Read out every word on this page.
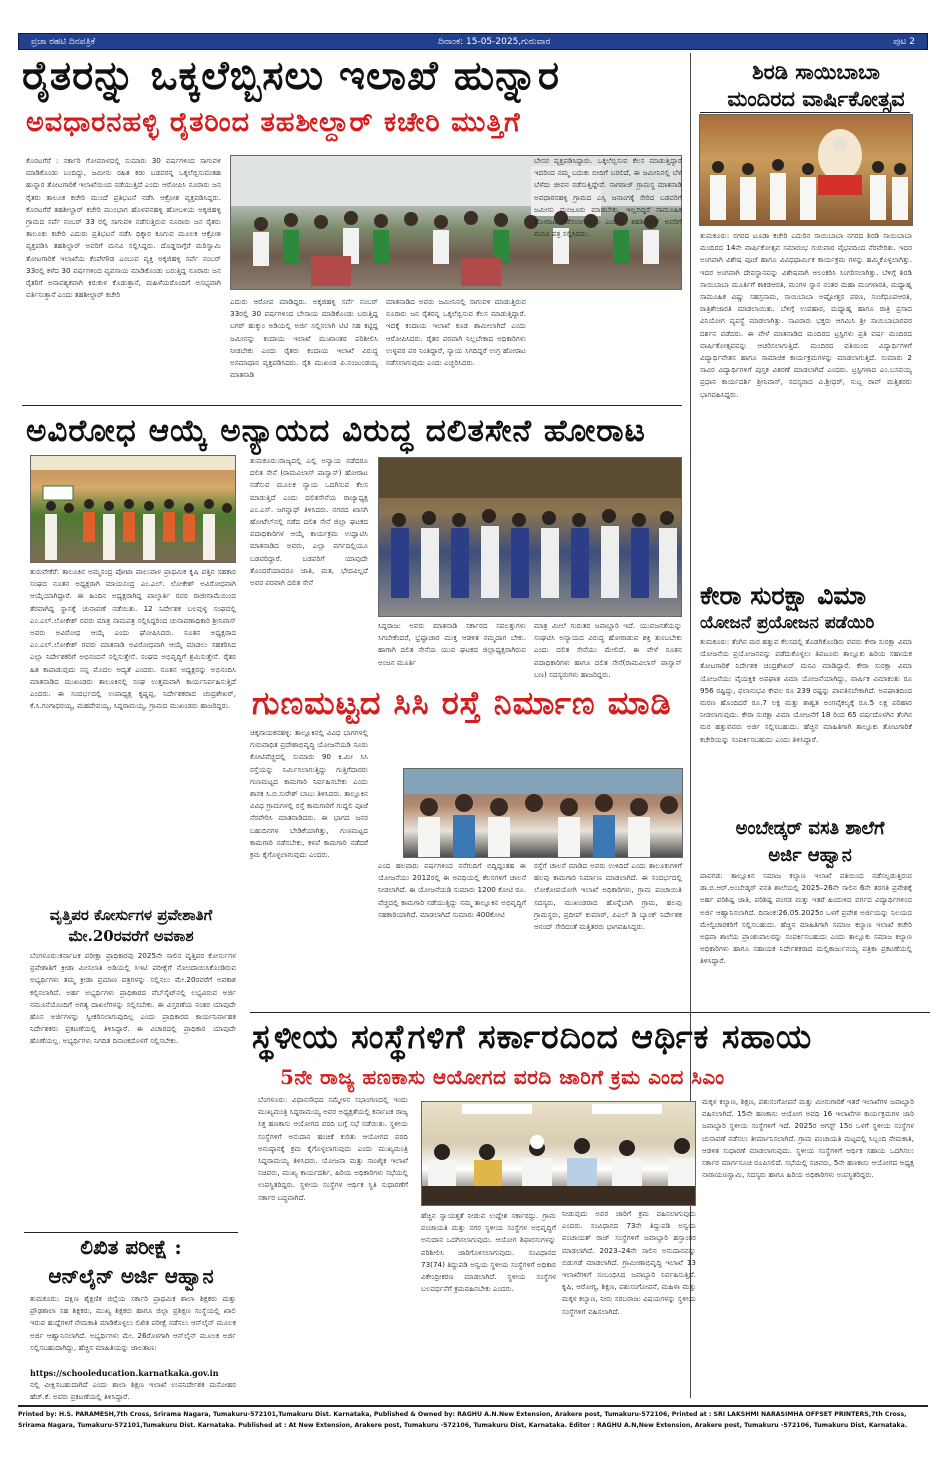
ಪ್ರಜಾ ರಹಟಿ ದಿನಪತ್ರಿಕೆ	ದಿನಾಂಕ: 15-05-2025,ಗುರುವಾರ	ಪುಟ 2
ರೈತರನ್ನು ಒಕ್ಕಲೆಬ್ಬಿಸಲು ಇಲಾಖೆ ಹುನ್ನಾರ
ಅವಧಾರನಹಳ್ಳಿ ರೈತರಿಂದ ತಹಶೀಲ್ದಾರ್ ಕಚೇರಿ ಮುತ್ತಿಗೆ
ಕೊರಟಗೆರೆ : ಸರ್ಕಾರಿ ಗೋಮಾಳದಲ್ಲಿ ಸುಮಾರು 30 ವರ್ಷಗಳಿಂದ ಸಾಗುವಳಿ ಮಾಡಿಕೊಂಡು ಬಂದಿದ್ದು, ಜಮೀನು ರಹಿತ ಕಡು ಬಡವರನ್ನ ಒಕ್ಕಲೆಬ್ಬಿಸುವಂತಹ ಹುನ್ನಾರ ತೋಟಗಾರಿಕೆ ಇಲಾಖೆಯಿಂದ ನಡೆಯುತ್ತಿದೆ ಎಂದು ಆರೋಪಿಸಿ ನೂರಾರು ಜನ ರೈತರು ತಾಲೂಕ ಕಚೇರಿ ಮುಂದೆ ಪ್ರತಿಭಟನೆ ನಡೆಸಿ ಆಕ್ರೋಶ ವ್ಯಕ್ತಪಡಿಸಿದ್ದರು. ಕೊರಟಗೆರೆ ತಹಶೀಲ್ದಾರ್ ಕಚೇರಿ ಮುಂಭಾಗ ಹೊಳವನಹಳ್ಳಿ ಹೋಬಳಿಯ ಅಕ್ಕಜಿಹಳ್ಳಿ ಗ್ರಾಮದ ಸರ್ವೆ ನಂಬರ್ 33 ರಲ್ಲಿ ಸಾಗುವಳಿ ನಡೆಸುತ್ತಿರುವ ನೂರಾರು ಜನ ರೈತರು ತಾಲೂಕು ಕಚೇರಿ ಎದುರು ಪ್ರತಿಭಟನೆ ನಡೆಸಿ ಧಿಕ್ಕಾರ ಕೂಗುವ ಮೂಲಕ ಆಕ್ರೋಶ ವ್ಯಕ್ತಪಡಿಸಿ ತಹಶಿಲ್ದಾರ್ ಅವರಿಗೆ ಮನವಿ ಸಲ್ಲಿಸಿದ್ದರು. ದೊಡ್ಡಸಾಗ್ಗೆರೆ ಮರಿಸ್ವಾಮಿ ತೋಟಗಾರಿಕೆ ಇಲಾಖೆಯ ಕೆಂಪೇಗೌಡ ಎಂಬುವ ವ್ಯಕ್ತಿ ಅಕ್ಕಜಿಹಳ್ಳಿ ಸರ್ವೆ ನಂಬರ್ 33ರಲ್ಲಿ ಕಳೆದ 30 ವರ್ಷಗಳಿಂದ ವ್ಯವಸಾಯ ಮಾಡಿಕೊಂಡು ಬರುತ್ತಿದ್ದ ನೂರಾರು ಜನ ರೈತರಿಗೆ ಅನಾವಶ್ಯಕವಾಗಿ ಕಿರುಕುಳ ಕೊಡುತ್ತಾನೆ, ಮಹಿಳೆಯರೊಂದಿಗೆ ಅಸಭ್ಯವಾಗಿ ವರ್ತಿಸುತ್ತಾನೆ ಎಂದು ತಹಶೀಲ್ದಾರ್ ಕಚೇರಿ
ಎದುರು ಆರೋಪ ಮಾಡಿದ್ದರು. ಅಕ್ಕಜಿಹಳ್ಳಿ ಸರ್ವೆ ನಂಬರ್ 33ರಲ್ಲಿ 30 ವರ್ಷಗಳಿಂದ ಬೇಸಾಯ ಮಾಡಿಕೊಂಡು ಬರುತ್ತಿದ್ದ ಬಗರ್ ಹುಕ್ಕುಂ ಅಡಿಯಲ್ಲಿ ಅರ್ಜಿ ಸಲ್ಲಿಸಲಾಗಿ ಟಿಟಿ ಸಹ ಕಟ್ಟಿದ್ದ ಜಮೀನನ್ನು ಕಂದಾಯ ಇಲಾಖೆ ಮುಖಾಂತರ ಪರಿಶೀಲಿಸಿ ನೀಡಬೇಕು ಎಂದು ರೈತರು ಕಂದಾಯ ಇಲಾಖೆ ವಿರುದ್ಧ ಅಸಮಾಧಾನ ವ್ಯಕ್ತಪಡಿಸಿದರು. ರೈತ ಮುಖಂಡ ಪಿ.ನಂಜುಂಡಯ್ಯ ಮಾತನಾಡಿ
ಮಾತನಾಡಿದ ಅವರು ಜಮೀನಿನಲ್ಲಿ ಸಾಗುವಳಿ ಮಾಡುತ್ತಿರುವ ನೂರಾರು ಜನ ರೈತರನ್ನ ಒಕ್ಕಲೆಬ್ಬಿಸುವ ಕೆಲಸ ಮಾಡುತ್ತಿದ್ದಾರೆ. ಇದಕ್ಕೆ ಕಂದಾಯ ಇಲಾಖೆ ಕೂಡ ಶಾಮೀಲಾಗಿದೆ ಎಂದು ಆರೋಪಿಸಿದರು. ರೈತರ ಪರವಾಗಿ ನಿಲ್ಲಬೇಕಾದ ಅಧಿಕಾರಿಗಳು ಉಳ್ಳವರ ಪರ ನಿಂತಿದ್ದಾರೆ, ನ್ಯಾಯ ಸಿಗದಿದ್ದರೆ ಉಗ್ರ ಹೋರಾಟ ನಡೆಸಲಾಗುವುದು ಎಂದು ಎಚ್ಚರಿಸಿದರು.
ಬೇಸರ ವ್ಯಕ್ತಪಡಿಸಿದ್ದಾರು. ಒಕ್ಕಲೆಬ್ಬಿಸುವ ಕೆಲಸ ಮಾಡುತ್ತಿದ್ದಾರೆ ಇದರಿಂದ ನಮ್ಮ ಬದುಕು ಬೀದಿಗೆ ಬರಲಿದೆ, ಈ ಜಮೀನಿನಲ್ಲಿ ಬೆಳೆ ಬೆಳೆದು ಜೀವನ ನಡೆಸುತ್ತಿದ್ದೇವೆ. ನಾಗರಾಜ್ ಗ್ರಾಮಸ್ಥ ಮಾತನಾಡಿ ಅವಧಾರನಹಳ್ಳಿ ಗ್ರಾಮದ ಎಸ್ಸಿ ಜನಾಂಗಕ್ಕೆ ಸೇರಿದ ಬಡವರಿಗೆ ಜಮೀನು ಮಂಜೂರು ಮಾಡಬೇಕು, ಇಲ್ಲದಿದ್ದರೆ ಸಾಮೂಹಿಕ ಹೋರಾಟ ನಡೆಸಲಾಗುವುದು ಎಂದರು. ತಹಶೀಲ್ದಾರ್ ಅವರಿಗೆ ಮನವಿ ಪತ್ರ ಸಲ್ಲಿಸಿದರು.
ಶಿರಡಿ ಸಾಯಿಬಾಬಾ
ಮಂದಿರದ ವಾರ್ಷಿಕೋತ್ಸವ
ತುಮಕೂರು: ನಗರದ ಟೂಡಾ ಕಚೇರಿ ಎದುರಿನ ಸಾಯಿಬಾಬಾ ನಗರದ ಶಿರಡಿ ಸಾಯಿಬಾಬಾ ಮಂದಿರದ 14ನೇ ವಾರ್ಷಿಕೋತ್ಸವ ಸಮಾರಂಭ ಗುರುವಾರ ವೈಭವದಿಂದ ನೆರವೇರಿತು. ಇದರ ಅಂಗವಾಗಿ ವಿಶೇಷ ಪೂಜೆ ಹಾಗೂ ವಿವಿಧಧಾರ್ಮಿಕ ಕಾರ್ಯಕ್ರಮ ಗಳನ್ನು ಹಮ್ಮಿಕೊಳ್ಳಲಾಗಿತ್ತು. ಇದರ ಅಂಗವಾಗಿ ದೇವಸ್ಥಾನವನ್ನು ವಿಶೇಷವಾಗಿ ಅಲಂಕರಿಸಿ ಸಿಂಗರಿಸಲಾಗಿತ್ತು. ಬೆಳಿಗ್ಗೆ ಶಿರಡಿ ಸಾಯಿಬಾಬಾ ಮೂರ್ತಿಗೆ ಕಾಕಡಆರತಿ, ಮಂಗಳ ಸ್ನಾನ ನಂತರ ಮಹಾ ಮಂಗಳಾರತಿ, ಮಧ್ಯಾಹ್ನ ಸಾಮೂಹಿಕ ವಿಷ್ಣು ಸಹಸ್ರನಾಮ, ಸಾಯಿಬಾಬಾ ಅಷ್ಟೋತ್ತರ ಪಠಣ, ಸಂಜೆಧೂಪಆರತಿ, ರಾತ್ರಿಶೇಜಾರತಿ ಮಾಡಲಾಯಿತು. ಬೆಳಿಗ್ಗೆ ಉಪಹಾರ, ಮಧ್ಯಾಹ್ನ ಹಾಗೂ ರಾತ್ರಿ ಪ್ರಸಾದ ವಿನಿಯೋಗ ವ್ಯವಸ್ಥೆ ಮಾಡಲಾಗಿತ್ತು. ಸಾವಿರಾರು ಭಕ್ತರು ಆಗಮಿಸಿ ಶ್ರೀ ಸಾಯಿಬಾಬಾರವರ ದರ್ಶನ ಪಡೆದರು. ಈ ವೇಳೆ ಮಾತನಾಡಿದ ಮಂದಿರದ ಟ್ರಸ್ಟಿಗಳು ಪ್ರತಿ ವರ್ಷ ಮಂದಿರದ ವಾರ್ಷಿಕೋತ್ಸವವನ್ನು ಆಚರಿಸಲಾಗುತ್ತಿದೆ. ಮಂದಿರದ ವತಿಯಿಂದ ವಿದ್ಯಾರ್ಥಿಗಳಿಗೆ ವಿದ್ಯಾರ್ಥಿವೇತನ ಹಾಗೂ ಸಾಮಾಜಿಕ ಕಾರ್ಯಕ್ರಮಗಳನ್ನು ಮಾಡಲಾಗುತ್ತಿದೆ. ಸುಮಾರು 2 ಸಾವಿರ ವಿದ್ಯಾರ್ಥಿಗಳಿಗೆ ಪುಸ್ತಕ ವಿತರಣೆ ಮಾಡಲಾಗಿದೆ ಎಂದರು. ಟ್ರಸ್ಟಿಗಳಾದ ಎಂ.ಬಸವಯ್ಯ ಪ್ರಧಾನ ಕಾರ್ಯದರ್ಶಿ ಶ್ರೀನಿವಾಸ್, ಸದಸ್ಯರಾದ ವಿ.ಶ್ರೀಧರ್, ಸುಬ್ಬ ರಾವ್ ಮತ್ತಿತರರು ಭಾಗವಹಿಸಿದ್ದರು.
ಕೇರಾ ಸುರಕ್ಷಾ ವಿಮಾ
ಯೋಜನೆ ಪ್ರಯೋಜನ ಪಡೆಯಿರಿ
ತುಮಕೂರು: ತೆಂಗಿನ ಮರ ಹತ್ತುವ ಕೆಲಸದಲ್ಲಿ ತೊಡಗಿಕೊಂಡಿರು ವವರು ಕೇರಾ ಸುರಕ್ಷಾ ವಿಮಾ ಯೋಜನೆಯ ಪ್ರಯೋಜನವನ್ನು ಪಡೆದುಕೊಳ್ಳಲು ತಿಪಟೂರು ತಾಲ್ಲೂಕು ಹಿರಿಯ ಸಹಾಯಕ ತೋಟಗಾರಿಕೆ ನಿರ್ದೇಶಕ ಚಂದ್ರಶೇಖರ್ ಮನವಿ ಮಾಡಿದ್ದಾರೆ. ಕೇರಾ ಸುರಕ್ಷಾ ವಿಮಾ ಯೋಜನೆಯು ವೈಯಕ್ತಿಕ ಅಪಘಾತ ವಿಮಾ ಯೋಜನೆಯಾಗಿದ್ದು, ವಾರ್ಷಿಕ ವಿಮಾಕಂತು ರೂ 956 ರಷ್ಟಿದ್ದು, ಫಲಾನುಭವಿ ಕೇವಲ ರೂ 239 ರಷ್ಟನ್ನು ಪಾವತಿಸಬೇಕಾಗಿದೆ. ಅಪಘಾತದಿಂದ ಮರಣ ಹೊಂದಿದರೆ ರೂ.7 ಲಕ್ಷ ಮತ್ತು ಶಾಶ್ವತ ಅಂಗವೈಕಲ್ಯಕ್ಕೆ ರೂ.5 ಲಕ್ಷ ಪರಿಹಾರ ನೀಡಲಾಗುವುದು. ಕೇರಾ ಸುರಕ್ಷಾ ವಿಮಾ ಯೋಜನೆಗೆ 18 ರಿಂದ 65 ವರ್ಷದೊಳಗಿನ ತೆಂಗಿನ ಮರ ಹತ್ತುವವರು ಅರ್ಜಿ ಸಲ್ಲಿಸಬಹುದು. ಹೆಚ್ಚಿನ ಮಾಹಿತಿಗಾಗಿ ತಾಲ್ಲೂಕು ತೋಟಗಾರಿಕೆ ಕಚೇರಿಯನ್ನು ಸಂಪರ್ಕಿಸಬಹುದು ಎಂದು ತಿಳಿಸಿದ್ದಾರೆ.
ಅಂಬೇಡ್ಕರ್ ವಸತಿ ಶಾಲೆಗೆ
ಅರ್ಜಿ ಆಹ್ವಾನ
ಪಾವಗಡ: ತಾಲ್ಲೂಕಿನ ಸಮಾಜ ಕಲ್ಯಾಣ ಇಲಾಖೆ ವತಿಯಿಂದ ನಡೆಸಲ್ಪಡುತ್ತಿರುವ ಡಾ.ಬಿ.ಆರ್.ಅಂಬೇಡ್ಕರ್ ವಸತಿ ಶಾಲೆಯಲ್ಲಿ 2025–26ನೇ ಸಾಲಿನ 6ನೇ ತರಗತಿ ಪ್ರವೇಶಕ್ಕೆ ಅರ್ಹ ಪರಿಶಿಷ್ಟ ಜಾತಿ, ಪರಿಶಿಷ್ಟ ಪಂಗಡ ಮತ್ತು ಇತರೆ ಹಿಂದುಳಿದ ವರ್ಗದ ವಿದ್ಯಾರ್ಥಿಗಳಿಂದ ಅರ್ಜಿ ಆಹ್ವಾನಿಸಲಾಗಿದೆ. ದಿನಾಂಕ:26.05.2025ರ ಒಳಗೆ ಪ್ರವೇಶ ಅರ್ಜಿಯನ್ನು ನಿಲಯದ ಮೇಲ್ವಿಚಾರಕರಿಗೆ ಸಲ್ಲಿಸಬಹುದು. ಹೆಚ್ಚಿನ ಮಾಹಿತಿಗಾಗಿ ಸಮಾಜ ಕಲ್ಯಾಣ ಇಲಾಖೆ ಕಚೇರಿ ಅಥವಾ ಶಾಲೆಯ ಪ್ರಾಂಶುಪಾಲರನ್ನು ಸಂಪರ್ಕಿಸಬಹುದು ಎಂದು ತಾಲ್ಲೂಕು ಸಮಾಜ ಕಲ್ಯಾಣ ಅಧಿಕಾರಿಗಳು ಹಾಗೂ ಸಹಾಯಕ ನಿರ್ದೇಶಕರಾದ ಮಲ್ಲಿಕಾರ್ಜುನಯ್ಯ ಪತ್ರಿಕಾ ಪ್ರಕಟಣೆಯಲ್ಲಿ ತಿಳಿಸಿದ್ದಾರೆ.
ಅವಿರೋಧ ಆಯ್ಕೆ ಅನ್ಯಾಯದ ವಿರುದ್ಧ ದಲಿತಸೇನೆ ಹೋರಾಟ
ತುರುವೇಕೆರೆ: ತಾಲೂಕಿನ ಅಮ್ಮಸಂದ್ರ ಪೋಟಾ ಪಾಲುವಾಳ ಪ್ರಾಥಮಿಕ ಕೃಷಿ ಪತ್ತಿನ ಸಹಕಾರ ಸಂಘದ ನೂತನ ಅಧ್ಯಕ್ಷರಾಗಿ ಮಾಯಸಂದ್ರ ಎಂ.ಎಲ್. ಲೋಕೇಶ್ ಅವಿರೋಧವಾಗಿ ಆಯ್ಕೆಯಾಗಿದ್ದಾರೆ. ಈ ಹಿಂದಿನ ಅಧ್ಯಕ್ಷರಾಗಿದ್ದ ಪಾಲ್ಕಾರ್ತಿ ರವರ ರಾಜೀನಾಮೆಯಿಂದ ತೆರವಾಗಿದ್ದ ಸ್ಥಾನಕ್ಕೆ ಚುನಾವಣೆ ನಡೆಯಿತು. 12 ನಿರ್ದೇಶಕ ಬಲವುಳ್ಳ ಸಂಘದಲ್ಲಿ ಎಂ.ಎಲ್.ಲೋಕೇಶ್ ರವರು ಮಾತ್ರ ನಾಮಪತ್ರ ಸಲ್ಲಿಸಿದ್ದರಿಂದ ಚುನಾವಣಾಧಿಕಾರಿ ಶ್ರೀನಿವಾಸ್ ಅವರು ಅವಿರೋಧ ಆಯ್ಕೆ ಎಂದು ಘೋಷಿಸಿದರು. ನೂತನ ಅಧ್ಯಕ್ಷರಾದ ಎಂ.ಎಲ್.ಲೋಕೇಶ್ ರವರು ಮಾತನಾಡಿ ಅವಿರೋಧವಾಗಿ ಆಯ್ಕೆ ಮಾಡಲು ಸಹಕರಿಸಿದ ಎಲ್ಲಾ ನಿರ್ದೇಶಕರಿಗೆ ಅಭಿನಂದನೆ ಸಲ್ಲಿಸುತ್ತೇನೆ. ಸಂಘದ ಅಭಿವೃದ್ಧಿಗೆ ಶ್ರಮಿಸುತ್ತೇನೆ. ರೈತರ ಹಿತ ಕಾಪಾಡುವುದು ನನ್ನ ಮೊದಲ ಆದ್ಯತೆ ಎಂದರು. ನೂತನ ಅಧ್ಯಕ್ಷರನ್ನು ಅಭಿನಂದಿಸಿ ಮಾತನಾಡಿದ ಮುಖಂಡರು ತಾಲೂಕಿನಲ್ಲಿ ಸಂಘ ಉತ್ತಮವಾಗಿ ಕಾರ್ಯನಿರ್ವಹಿಸುತ್ತಿದೆ ಎಂದರು. ಈ ಸಂದರ್ಭದಲ್ಲಿ ಉಪಾಧ್ಯಕ್ಷ ಕೃಷ್ಣಪ್ಪ, ನಿರ್ದೇಶಕರಾದ ಚಂದ್ರಶೇಖರ್, ಕೆ.ಸಿ.ಗಂಗಾಧರಯ್ಯ, ಮಹದೇವಯ್ಯ, ಸಿದ್ದರಾಮಯ್ಯ, ಗ್ರಾಮದ ಮುಖಂಡರು ಹಾಜರಿದ್ದರು.
ತುಮಕೂರು:ರಾಜ್ಯದಲ್ಲಿ ಎಲ್ಲಿ ಅನ್ಯಾಯ ನಡೆದರೂ ದಲಿತ ಸೇನೆ (ರಾಮವಿಲಾಸ್ ಪಾಸ್ವಾನ್) ಹೋರಾಟ ನಡೆಸುವ ಮೂಲಕ ನ್ಯಾಯ ಒದಗಿಸುವ ಕೆಲಸ ಮಾಡುತ್ತಿದೆ ಎಂದು ದಲಿತಸೇನೆಯ ರಾಜ್ಯಾಧ್ಯಕ್ಷ ಎಂ.ಎಸ್. ಜಗನ್ನಾಥ್ ತಿಳಿಸಿದರು. ನಗರದ ಖಾಸಗಿ ಹೋಟೆಲ್‌ನಲ್ಲಿ ನಡೆದ ದಲಿತ ಸೇನೆ ಜಿಲ್ಲಾ ಘಟಕದ ಪದಾಧಿಕಾರಿಗಳ ಆಯ್ಕೆ ಕಾರ್ಯಕ್ರಮ ಉದ್ಘಾಟಿಸಿ ಮಾತನಾಡಿದ ಅವರು, ಎಲ್ಲಾ ವರ್ಗದಲ್ಲಿಯೂ ಬಡವರಿದ್ದಾರೆ. ಬಡವರಿಗೆ ಯಾವುದೇ ತೊಂದರೆಯಾದರೂ ಜಾತಿ, ಮತ, ಭೇದವಿಲ್ಲದೆ ಅವರ ಪರವಾಗಿ ದಲಿತ ಸೇನೆ
ಸಿದ್ದರಾಜು ಅವರು ಮಾತನಾಡಿ ಸರ್ಕಾರದ ಸವಲತ್ತುಗಳು ಸಿಗಬೇಕೆಂದರೆ, ಭ್ರಷ್ಟಾಚಾರ ಮುಕ್ತ ಆಡಳಿತ ನಮ್ಮದಾಗ ಬೇಕು. ಹಾಗಾಗಿ ದಲಿತ ಸೇನೆಯ ಯುವ ಘಟಕದ ಜಿಲ್ಲಾಧ್ಯಕ್ಷರಾಗಿರುವ ಅಂಜನ ಮೂರ್ತಿ
ಮಾತ್ರ ಮೀಲೆ ಗುರುತರ ಜವಾಬ್ದಾರಿ ಇದೆ. ಯುವಜನತೆಯನ್ನು ಸಂಘಟಿಸಿ ಅನ್ಯಾಯದ ವಿರುದ್ಧ ಹೋರಾಡುವ ಶಕ್ತಿ ತುಂಬಬೇಕು ಎಂದು ದಲಿತ ಸೇನೆಯು ಮೇಲಿದೆ. ಈ ವೇಳೆ ನೂತನ ಪದಾಧಿಕಾರಿಗಳು ಹಾಗೂ ದಲಿತ ಸೇನೆ(ರಾಮವಿಲಾಸ್ ಪಾಸ್ವಾನ್ ಬಣ) ಸದಸ್ಯರುಗಳು ಹಾಜರಿದ್ದರು.
ಗುಣಮಟ್ಟದ ಸಿಸಿ ರಸ್ತೆ ನಿರ್ಮಾಣ ಮಾಡಿ
ಚಿಕ್ಕನಾಯಕನಹಳ್ಳಿ: ತಾಲ್ಲೂಕಿನಲ್ಲಿ ವಿವಿಧ ಭಾಗಗಳಲ್ಲಿ ಗುರುವಾಧಿತ ಪ್ರದೇಶಾಭಿವೃದ್ಧಿ ಯೋಜನೆಯಡಿ ನೂರು ಕೋಟಿವೆಚ್ಚದಲ್ಲಿ ಸುಮಾರು 90 ಕಿ.ಮೀ ಸಿಸಿ ರಸ್ತೆಯನ್ನು ನಿರ್ಮಿಸಲಾಗುತ್ತಿದ್ದು ಗುತ್ತಿಗೆದಾರರು ಗುಣಮಟ್ಟದ ಕಾಮಗಾರಿ ನಿರ್ವಹಿಸಬೇಕು ಎಂದು ಶಾಸಕ ಸಿ.ಬಿ.ಸುರೇಶ್ ಬಾಬು ತಿಳಿಸಿದರು. ತಾಲ್ಲೂಕಿನ ವಿವಿಧ ಗ್ರಾಮಗಳಲ್ಲಿ ರಸ್ತೆ ಕಾಮಗಾರಿಗೆ ಗುದ್ದಲಿ ಪೂಜೆ ನೆರವೇರಿಸಿ ಮಾತನಾಡಿದರು. ಈ ಭಾಗದ ಜನರ ಬಹುದಿನಗಳ ಬೇಡಿಕೆಯಾಗಿತ್ತು, ಗುಣಮಟ್ಟದ ಕಾಮಗಾರಿ ನಡೆಸಬೇಕು, ಕಳಪೆ ಕಾಮಗಾರಿ ನಡೆದರೆ ಕ್ರಮ ಕೈಗೊಳ್ಳಲಾಗುವುದು ಎಂದರು.
ಎಂದ ಹಲವಾರು ವರ್ಷಗಳಿಂದ ನನೆಗುದಿಗೆ ಬಿದ್ದಿದ್ದಂತಹ ಈ ಯೋಜನೆಯು 2012ರಲ್ಲಿ ಈ ಅವಧಿಯಲ್ಲಿ ಕೆಲಸಗಳಿಗೆ ಚಾಲನೆ ನೀಡಲಾಗಿದೆ. ಈ ಯೋಜನೆಯಡಿ ಸುಮಾರು 1200 ಕೋಟಿ ರೂ. ವೆಚ್ಚದಲ್ಲಿ ಕಾಮಗಾರಿ ನಡೆಯುತ್ತಿದ್ದು ನಮ್ಮ ತಾಲ್ಲೂಕಿನ ಅಭಿವೃದ್ಧಿಗೆ ಸಹಕಾರಿಯಾಗಿದೆ. ಮಾಡಲಾಗಿದೆ ಸುಮಾರು 400ಕೋಟಿ
ರಸ್ತೆಗೆ ಚಾಲನೆ ಮಾಡಿದ ಅವರು ಉಳಿದಿದೆ ಎಂದು ತಾಲೂಕುಗಳಿಗೆ ಹಲವು ಕಾಮಗಾರಿ ನಿರ್ಮಾಣ ಮಾಡಲಾಗಿದೆ. ಈ ಸಂದರ್ಭದಲ್ಲಿ ಲೋಕೋಪಯೋಗಿ ಇಲಾಖೆ ಅಧಿಕಾರಿಗಳು, ಗ್ರಾಮ ಪಂಚಾಯಿತಿ ಸದಸ್ಯರು, ಮುಖಂಡರಾದ ಹೊನ್ನೆಬಾಗಿ ಗ್ರಾಮ, ಹಲವು ಗ್ರಾಮಸ್ಥರು, ಪ್ರದೀಪ್ ಕುಮಾರ್, ಪಿಎಲ್ ಡಿ ಬ್ಯಾಂಕ್ ನಿರ್ದೇಶಕ ಆನಂದ್ ಸೇರಿದಂತೆ ಮತ್ತಿತರರು ಭಾಗವಹಿಸಿದ್ದರು.
ವೃತ್ತಿಪರ ಕೋರ್ಸುಗಳ ಪ್ರವೇಶಾತಿಗೆ
ಮೇ.20ರವರೆಗೆ ಅವಕಾಶ
ಬೆಂಗಳೂರು:ಕರ್ನಾಟಕ ಪರೀಕ್ಷಾ ಪ್ರಾಧಿಕಾರವು 2025ನೇ ಸಾಲಿನ ವೃತ್ತಿಪರ ಕೋರ್ಸುಗಳ ಪ್ರವೇಶಾತಿಗೆ ಕ್ರೀಡಾ ಮೀಸಲಾತಿ ಅಡಿಯಲ್ಲಿ ಸಿಇಟಿ ಪರೀಕ್ಷೆಗೆ ನೋಂದಾಯಿಸಿಕೊಂಡಿರುವ ಅಭ್ಯರ್ಥಿಗಳು ತಮ್ಮ ಕ್ರೀಡಾ ಪ್ರಮಾಣ ಪತ್ರಗಳನ್ನು ಸಲ್ಲಿಸಲು ಮೇ.20ರವರೆಗೆ ಅವಕಾಶ ಕಲ್ಪಿಸಲಾಗಿದೆ. ಅರ್ಹ ಅಭ್ಯರ್ಥಿಗಳು ಪ್ರಾಧಿಕಾರದ ವೆಬ್‌ಸೈಟ್‌ನಲ್ಲಿ ಲಭ್ಯವಿರುವ ಅರ್ಜಿ ನಮೂನೆಯೊಂದಿಗೆ ಅಗತ್ಯ ದಾಖಲೆಗಳನ್ನು ಸಲ್ಲಿಸಬೇಕು. ಈ ವಿಸ್ತರಣೆಯ ನಂತರ ಯಾವುದೇ ಹೊಸ ಅರ್ಜಿಗಳನ್ನು ಸ್ವೀಕರಿಸಲಾಗುವುದಿಲ್ಲ ಎಂದು ಪ್ರಾಧಿಕಾರದ ಕಾರ್ಯನಿರ್ವಾಹಕ ನಿರ್ದೇಶಕರು ಪ್ರಕಟಣೆಯಲ್ಲಿ ತಿಳಿಸಿದ್ದಾರೆ. ಈ ವಿಚಾರದಲ್ಲಿ ಪ್ರಾಧಿಕಾರ ಯಾವುದೇ ಹೊಣೆಯಲ್ಲ. ಅಭ್ಯರ್ಥಿಗಳು ನಿಗದಿತ ದಿನಾಂಕದೊಳಗೆ ಸಲ್ಲಿಸಬೇಕು.
ಲಿಖಿತ ಪರೀಕ್ಷೆ :
ಆನ್‌ಲೈನ್ ಅರ್ಜಿ ಆಹ್ವಾನ
ತುಮಕೂರು: ದಕ್ಷಿಣ ಶೈಕ್ಷಣಿಕ ಜಿಲ್ಲೆಯ ಸರ್ಕಾರಿ ಪ್ರಾಥಮಿಕ ಶಾಲಾ ಶಿಕ್ಷಕರು ಮತ್ತು ಪ್ರೌಢಶಾಲಾ ಸಹ ಶಿಕ್ಷಕರು, ಮುಖ್ಯ ಶಿಕ್ಷಕರು ಹಾಗೂ ಜಿಲ್ಲಾ ಪ್ರಶಿಕ್ಷಣ ಸಂಸ್ಥೆಯಲ್ಲಿ ಖಾಲಿ ಇರುವ ಹುದ್ದೆಗಳಿಗೆ ನೇಮಕಾತಿ ಮಾಡಿಕೊಳ್ಳಲು ಲಿಖಿತ ಪರೀಕ್ಷೆ ನಡೆಸಲು ಆನ್‌ಲೈನ್ ಮೂಲಕ ಅರ್ಜಿ ಆಹ್ವಾನಿಸಲಾಗಿದೆ. ಅಭ್ಯರ್ಥಿಗಳು ಮೇ. 26ರೊಳಗಾಗಿ ಆನ್‌ಲೈನ್ ಮೂಲಕ ಅರ್ಜಿ ಸಲ್ಲಿಸಬಹುದಾಗಿದ್ದು, ಹೆಚ್ಚಿನ ಮಾಹಿತಿಯನ್ನು ಜಾಲತಾಣ:
https://schooleducation.karnatkaka.gov.in
ನಲ್ಲಿ ವೀಕ್ಷಿಸಬಹುದಾಗಿದೆ ಎಂದು ಶಾಲಾ ಶಿಕ್ಷಣ ಇಲಾಖೆ ಉಪನಿರ್ದೇಶಕ ಮನೋಹರ ಹೆಚ್.ಕೆ. ಅವರು ಪ್ರಕಟಣೆಯಲ್ಲಿ ತಿಳಿಸಿದ್ದಾರೆ.
ಸ್ಥಳೀಯ ಸಂಸ್ಥೆಗಳಿಗೆ ಸರ್ಕಾರದಿಂದ ಆರ್ಥಿಕ ಸಹಾಯ
5ನೇ ರಾಜ್ಯ ಹಣಕಾಸು ಆಯೋಗದ ವರದಿ ಜಾರಿಗೆ ಕ್ರಮ ಎಂದ ಸಿಎಂ
ಬೆಂಗಳೂರು: ವಿಧಾನಸೌಧದ ಸಮ್ಮೇಳನ ಸಭಾಂಗಣದಲ್ಲಿ ಇಂದು ಮುಖ್ಯಮಂತ್ರಿ ಸಿದ್ದರಾಮಯ್ಯ ಅವರ ಅಧ್ಯಕ್ಷತೆಯಲ್ಲಿ ಕರ್ನಾಟಕ ರಾಜ್ಯ ಸಿಕ್ತ ಹಣಕಾಸು ಆಯೋಗದ ವರದಿ ಬಗ್ಗೆ ಸಭೆ ನಡೆಯಿತು. ಸ್ಥಳೀಯ ಸಂಸ್ಥೆಗಳಿಗೆ ಅನುದಾನ ಹಂಚಿಕೆ ಕುರಿತು ಆಯೋಗದ ವರದಿ ಅನುಷ್ಠಾನಕ್ಕೆ ಕ್ರಮ ಕೈಗೊಳ್ಳಲಾಗುವುದು ಎಂದು ಮುಖ್ಯಮಂತ್ರಿ ಸಿದ್ದರಾಮಯ್ಯ ತಿಳಿಸಿದರು. ಯೋಜನಾ ಮತ್ತು ಸಾಂಖ್ಯಿಕ ಇಲಾಖೆ ಸಚಿವರು, ಮುಖ್ಯ ಕಾರ್ಯದರ್ಶಿ, ಹಿರಿಯ ಅಧಿಕಾರಿಗಳು ಸಭೆಯಲ್ಲಿ ಉಪಸ್ಥಿತರಿದ್ದರು. ಸ್ಥಳೀಯ ಸಂಸ್ಥೆಗಳ ಆರ್ಥಿಕ ಸ್ಥಿತಿ ಸುಧಾರಣೆಗೆ ಸರ್ಕಾರ ಬದ್ಧವಾಗಿದೆ.
ಹೆಚ್ಚಿನ ಸ್ವಾಯತ್ತತೆ ನೀಡುವ ಉದ್ದೇಶ ಸರ್ಕಾರದ್ದು. ಗ್ರಾಮ ಪಂಚಾಯತಿ ಮತ್ತು ನಗರ ಸ್ಥಳೀಯ ಸಂಸ್ಥೆಗಳ ಅಭಿವೃದ್ಧಿಗೆ ಅನುದಾನ ಒದಗಿಸಲಾಗುವುದು. ಆಯೋಗ ಶಿಫಾರಸುಗಳನ್ನು ಪರಿಶೀಲಿಸಿ ಜಾರಿಗೊಳಿಸಲಾಗುವುದು. ಸಂವಿಧಾನದ 73(74) ತಿದ್ದುಪಡಿ ಅನ್ವಯ ಸ್ಥಳೀಯ ಸಂಸ್ಥೆಗಳಿಗೆ ಅಧಿಕಾರ ವಿಕೇಂದ್ರೀಕರಣ ಮಾಡಲಾಗಿದೆ. ಸ್ಥಳೀಯ ಸಂಸ್ಥೆಗಳ ಬಲವರ್ಧನೆಗೆ ಕ್ರಮವಹಿಸಬೇಕು ಎಂದರು.
ನೀಡುವುದು ಅವರ ಜಾರಿಗೆ ಕ್ರಮ ವಹಿಸಲಾಗುವುದು ಎಂದರು. ಸಂವಿಧಾನದ 73ನೇ ತಿದ್ದುಪಡಿ ಅನ್ವಯ ಪಂಚಾಯತ್ ರಾಜ್ ಸಂಸ್ಥೆಗಳಿಗೆ ಜವಾಬ್ದಾರಿ ಹಸ್ತಾಂತರ ಮಾಡಲಾಗಿದೆ. 2023–24ನೇ ಸಾಲಿನ ಅನುದಾನವನ್ನು ಬಿಡುಗಡೆ ಮಾಡಲಾಗಿದೆ. ಗ್ರಾಮೀಣಾಭಿವೃದ್ಧಿ ಇಲಾಖೆ 13 ಇಲಾಖೆಗಳಿಗೆ ಸಂಬಂಧಿಸಿದ ಜವಾಬ್ದಾರಿ ನಿರ್ವಹಿಸುತ್ತಿದೆ. ಕೃಷಿ, ಆರೋಗ್ಯ, ಶಿಕ್ಷಣ, ಪಶುಸಂಗೋಪನೆ, ಮಹಿಳಾ ಮತ್ತು ಮಕ್ಕಳ ಕಲ್ಯಾಣ, ನೀರು ಸರಬರಾಜು ವಿಷಯಗಳನ್ನು ಸ್ಥಳೀಯ ಸಂಸ್ಥೆಗಳಿಗೆ ವಹಿಸಲಾಗಿದೆ.
ಮಕ್ಕಳ ಕಲ್ಯಾಣ, ಶಿಕ್ಷಣ, ಪಶುಸಂಗೋಪನೆ ಮತ್ತು ಮೀನುಗಾರಿಕೆ ಇತರೆ ಇಲಾಖೆಗಳ ಜವಾಬ್ದಾರಿ ವಹಿಸಲಾಗಿದೆ. 15ನೇ ಹಣಕಾಸು ಆಯೋಗ ಅವಧಿ 16 ಇಲಾಖೆಗಳ ಕಾರ್ಯಕ್ರಮಗಳ ಜಾರಿ ಜವಾಬ್ದಾರಿ ಸ್ಥಳೀಯ ಸಂಸ್ಥೆಗಳಿಗೆ ಇದೆ. 2025ರ ಆಗಸ್ಟ್ 15ರ ಒಳಗೆ ಸ್ಥಳೀಯ ಸಂಸ್ಥೆಗಳ ಚುನಾವಣೆ ನಡೆಸಲು ತೀರ್ಮಾನಿಸಲಾಗಿದೆ. ಗ್ರಾಮ ಪಂಚಾಯತಿ ಮಟ್ಟದಲ್ಲಿ ಸಿಬ್ಬಂದಿ ನೇಮಕಾತಿ, ಆಡಳಿತ ಸುಧಾರಣೆ ಮಾಡಲಾಗುವುದು. ಸ್ಥಳೀಯ ಸಂಸ್ಥೆಗಳಿಗೆ ಆರ್ಥಿಕ ಸಹಾಯ ಒದಗಿಸಲು ಸರ್ಕಾರ ಮಾರ್ಗಸೂಚಿ ರೂಪಿಸಲಿದೆ. ಸಭೆಯಲ್ಲಿ ಸಚಿವರು, 5ನೇ ಹಣಕಾಸು ಆಯೋಗದ ಅಧ್ಯಕ್ಷ ನಾರಾಯಣಸ್ವಾಮಿ, ಸದಸ್ಯರು ಹಾಗೂ ಹಿರಿಯ ಅಧಿಕಾರಿಗಳು ಉಪಸ್ಥಿತರಿದ್ದರು.
Printed by: H.S. PARAMESH,7th Cross, Srirama Nagara, Tumakuru-572101,Tumakuru Dist. Karnataka, Published & Owned by: RAGHU A.N.New Extension, Arakere post, Tumakuru-572106, Printed at : SRI LAKSHMI NARASIMHA OFFSET PRINTERS,7th Cross,
Srirama Nagara, Tumakuru-572101,Tumakuru Dist. Karnataka. Published at : At New Extension, Arakere post, Tumakuru -572106, Tumakuru Dist, Karnataka. Editor : RAGHU A.N,New Extension, Arakere post, Tumakuru -572106, Tumakuru Dist, Karnataka.
